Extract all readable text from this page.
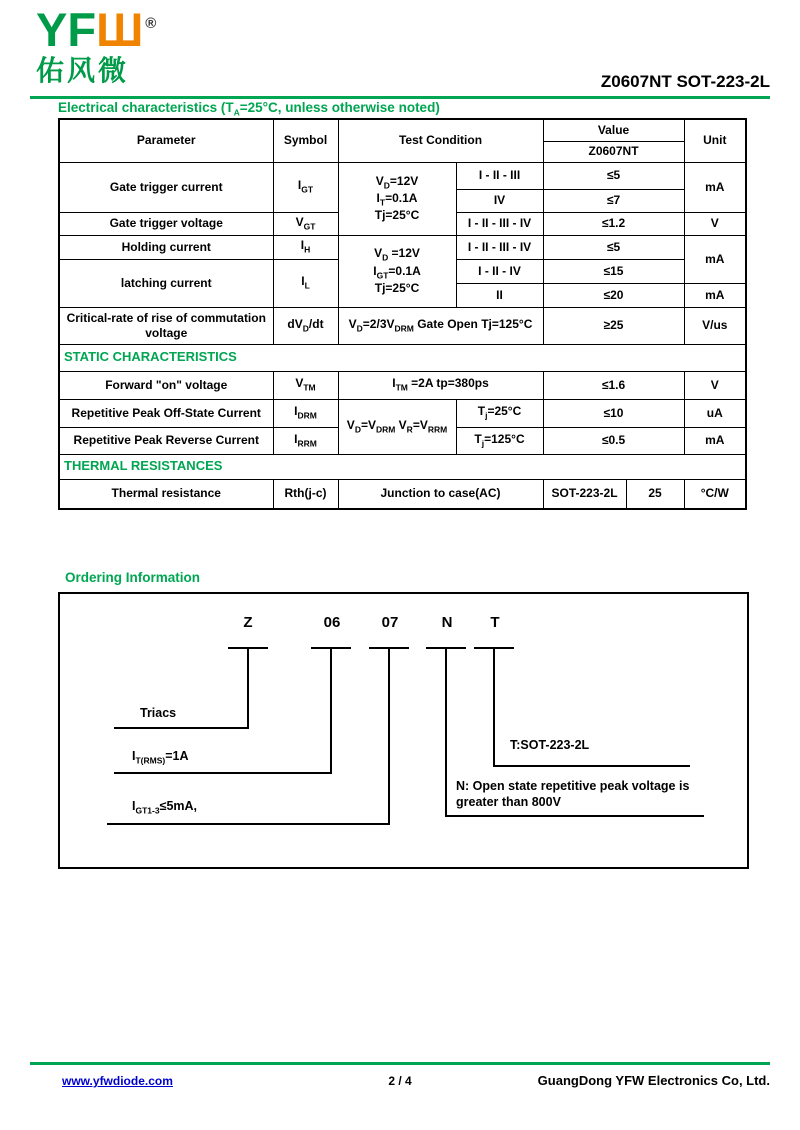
YFШ ®
佑风微	Z0607NT SOT-223-2L
Electrical characteristics ($T_A=25^\circ C$, unless otherwise noted)
Parameter	Symbol	Test Condition		Value		Unit
				Z0607NT		
Gate trigger current	$I_{GT}$	$V_D=12V$
$I_T=0.1A$
Tj=25°C	I - II - III	≤5		mA
			IV	≤7		
Gate trigger voltage	$V_{GT}$		I - II - III - IV	≤1.2		V
Holding current	$I_H$	$V_D =12V$
$I_{GT}=0.1A$
Tj=25°C	I - II - III - IV	≤5		mA
latching current	$I_L$		I - II - IV	≤15		
			II	≤20		mA
Critical-rate of rise of commutation voltage	$dV_D/dt$	$V_D=2/3V_{DRM}$ Gate Open Tj=125°C		≥25		V/us
STATIC CHARACTERISTICS						
Forward "on" voltage	$V_{TM}$	$I_{TM} =2A$ tp=380ps		≤1.6		V
Repetitive Peak Off-State Current	$I_{DRM}$	$V_D=V_{DRM}$ $V_R=V_{RRM}$	$T_j=25^\circ C$	≤10		uA
Repetitive Peak Reverse Current	$I_{RRM}$		$T_j=125^\circ C$	≤0.5		mA
THERMAL RESISTANCES						
Thermal resistance	Rth(j-c)	Junction to case(AC)		SOT-223-2L	25	°C/W
Ordering Information
Z	06	07	N	T
Triacs
$I_{T(RMS)}=1A$
$I_{GT1-3}\le 5mA$,
T:SOT-223-2L
N: Open state repetitive peak voltage is
greater than 800V
www.yfwdiode.com	2 / 4	GuangDong YFW Electronics Co, Ltd.
